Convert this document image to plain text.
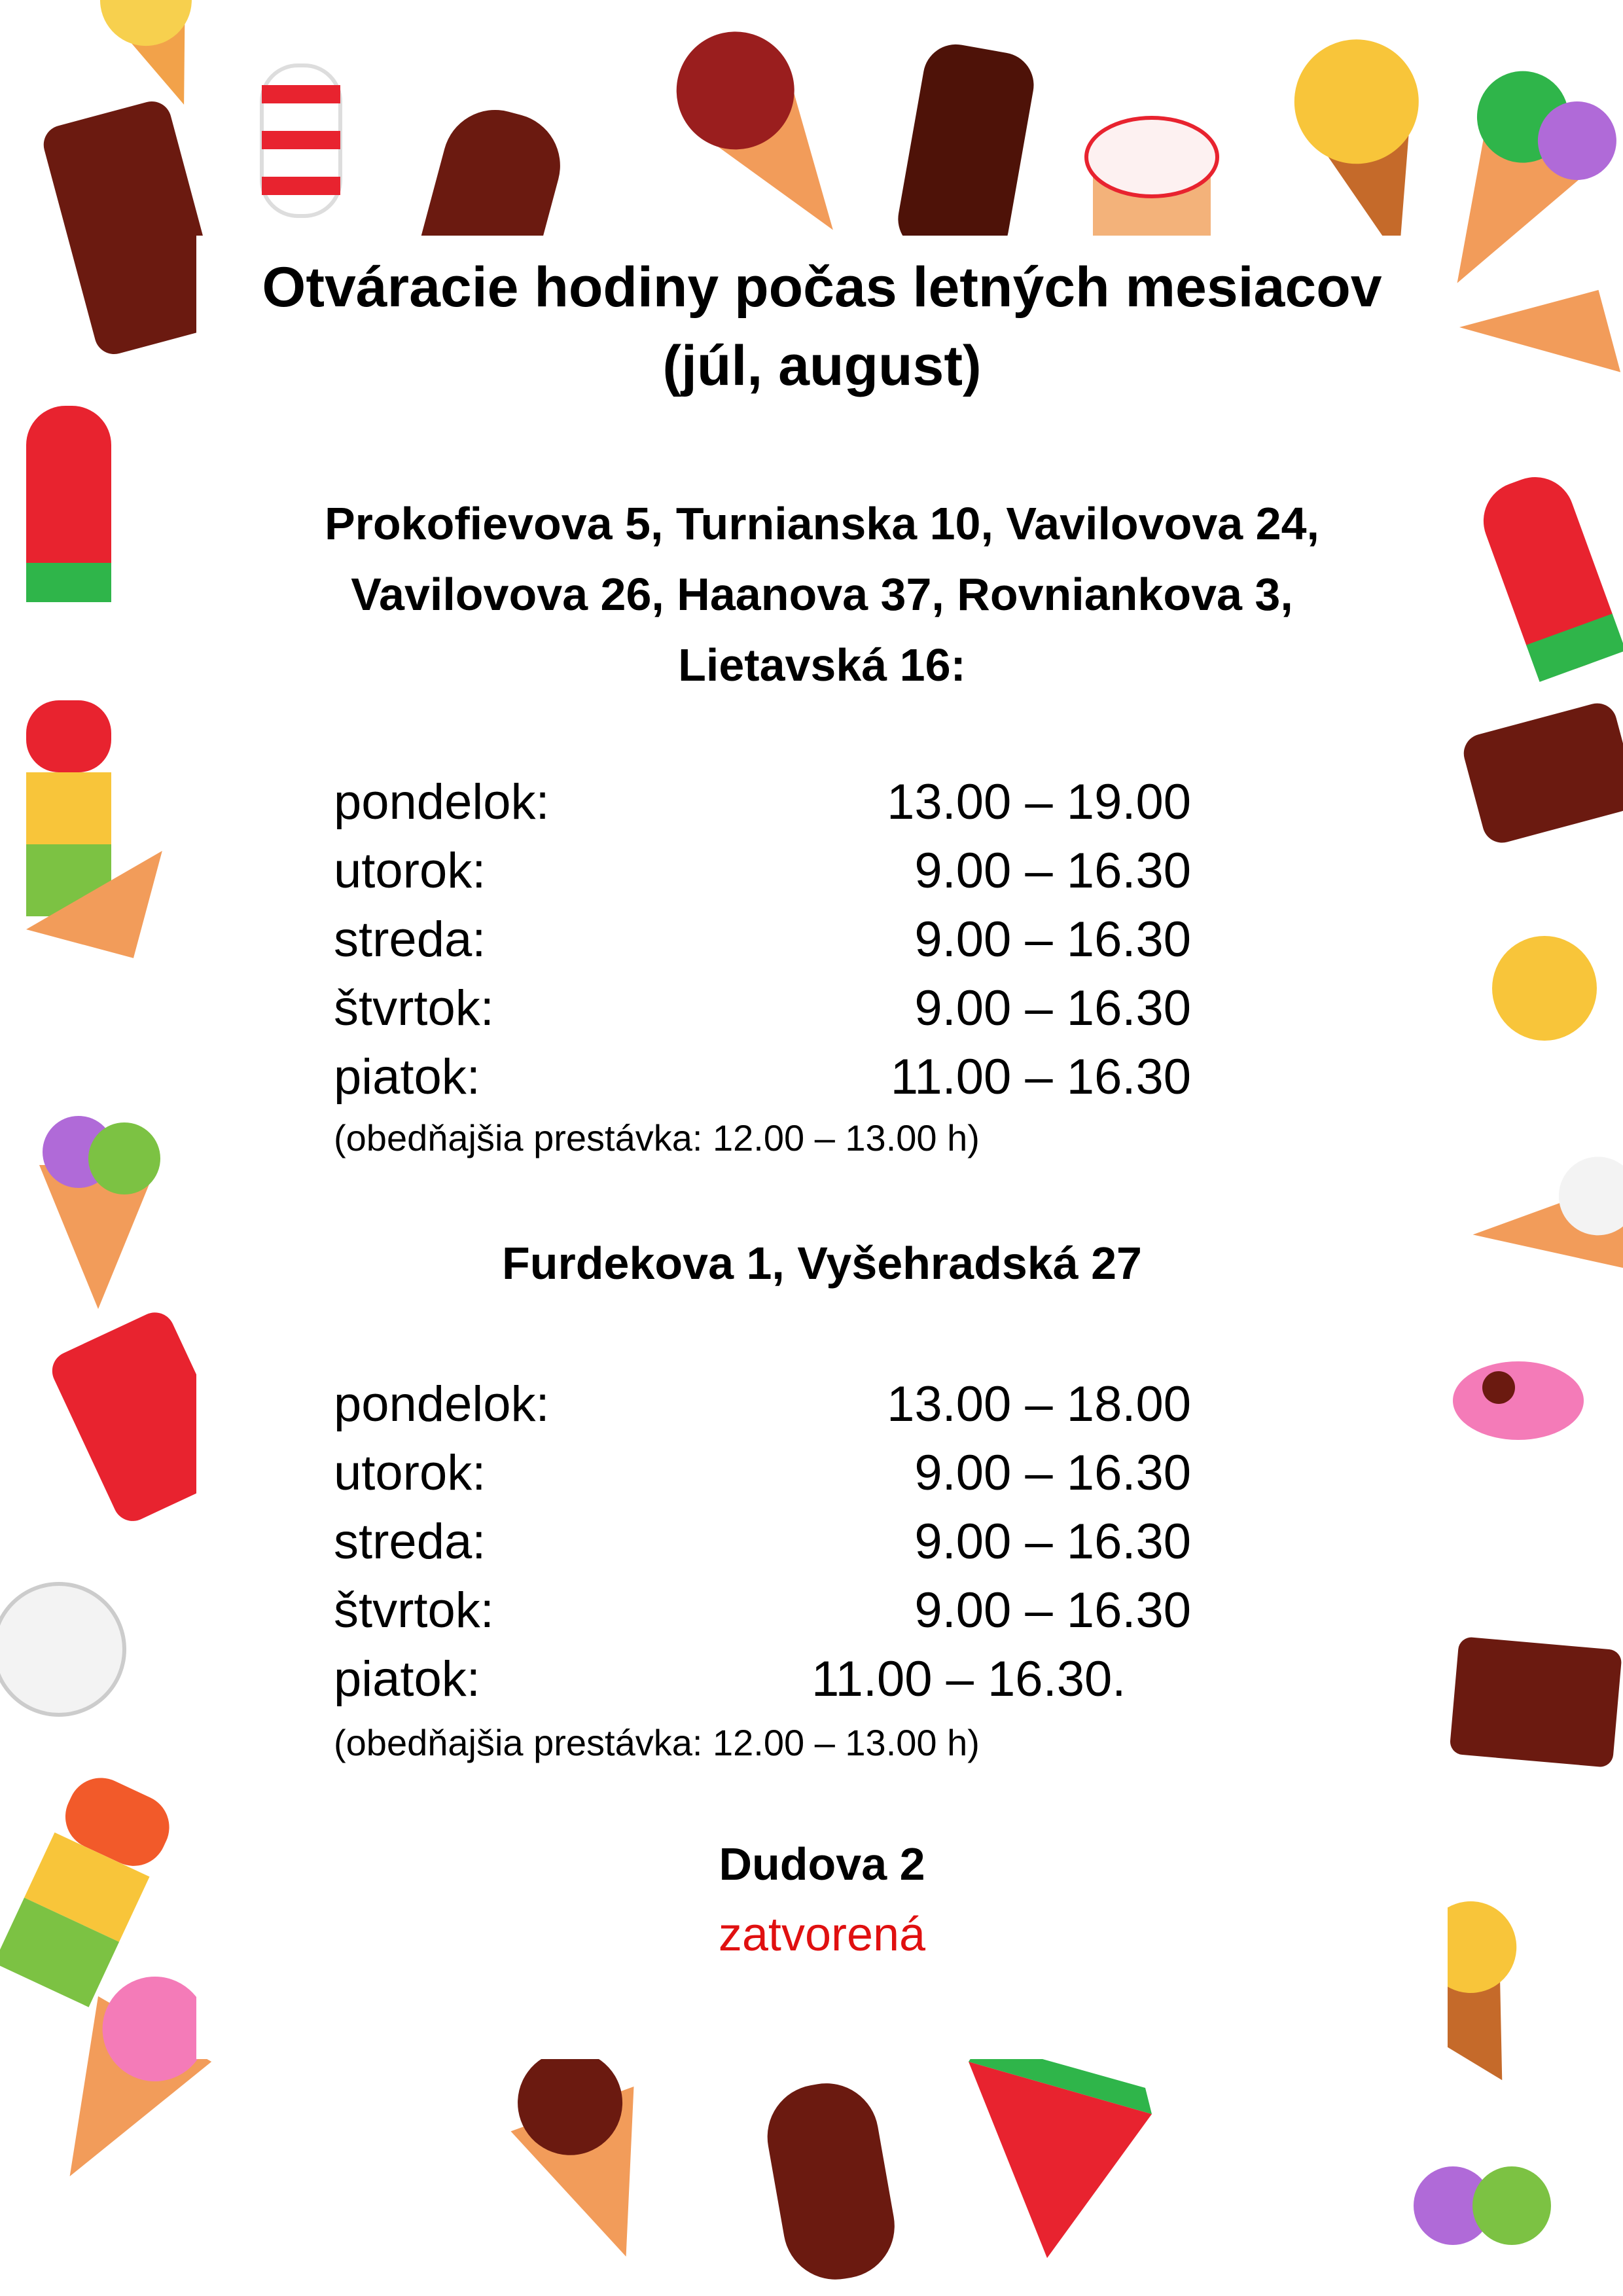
Otváracie hodiny počas letných mesiacov
(júl, august)
Prokofievova 5, Turnianska 10, Vavilovova 24,
Vavilovova 26, Haanova 37, Rovniankova 3,
Lietavská 16:
pondelok:	13.00 – 19.00
utorok:	9.00 – 16.30
streda:	9.00 – 16.30
štvrtok:	9.00 – 16.30
piatok:	11.00 – 16.30
(obedňajšia prestávka: 12.00 – 13.00 h)
Furdekova 1, Vyšehradská 27
pondelok:	13.00 – 18.00
utorok:	9.00 – 16.30
streda:	9.00 – 16.30
štvrtok:	9.00 – 16.30
piatok:	11.00 – 16.30.
(obedňajšia prestávka: 12.00 – 13.00 h)
Dudova 2
zatvorená
